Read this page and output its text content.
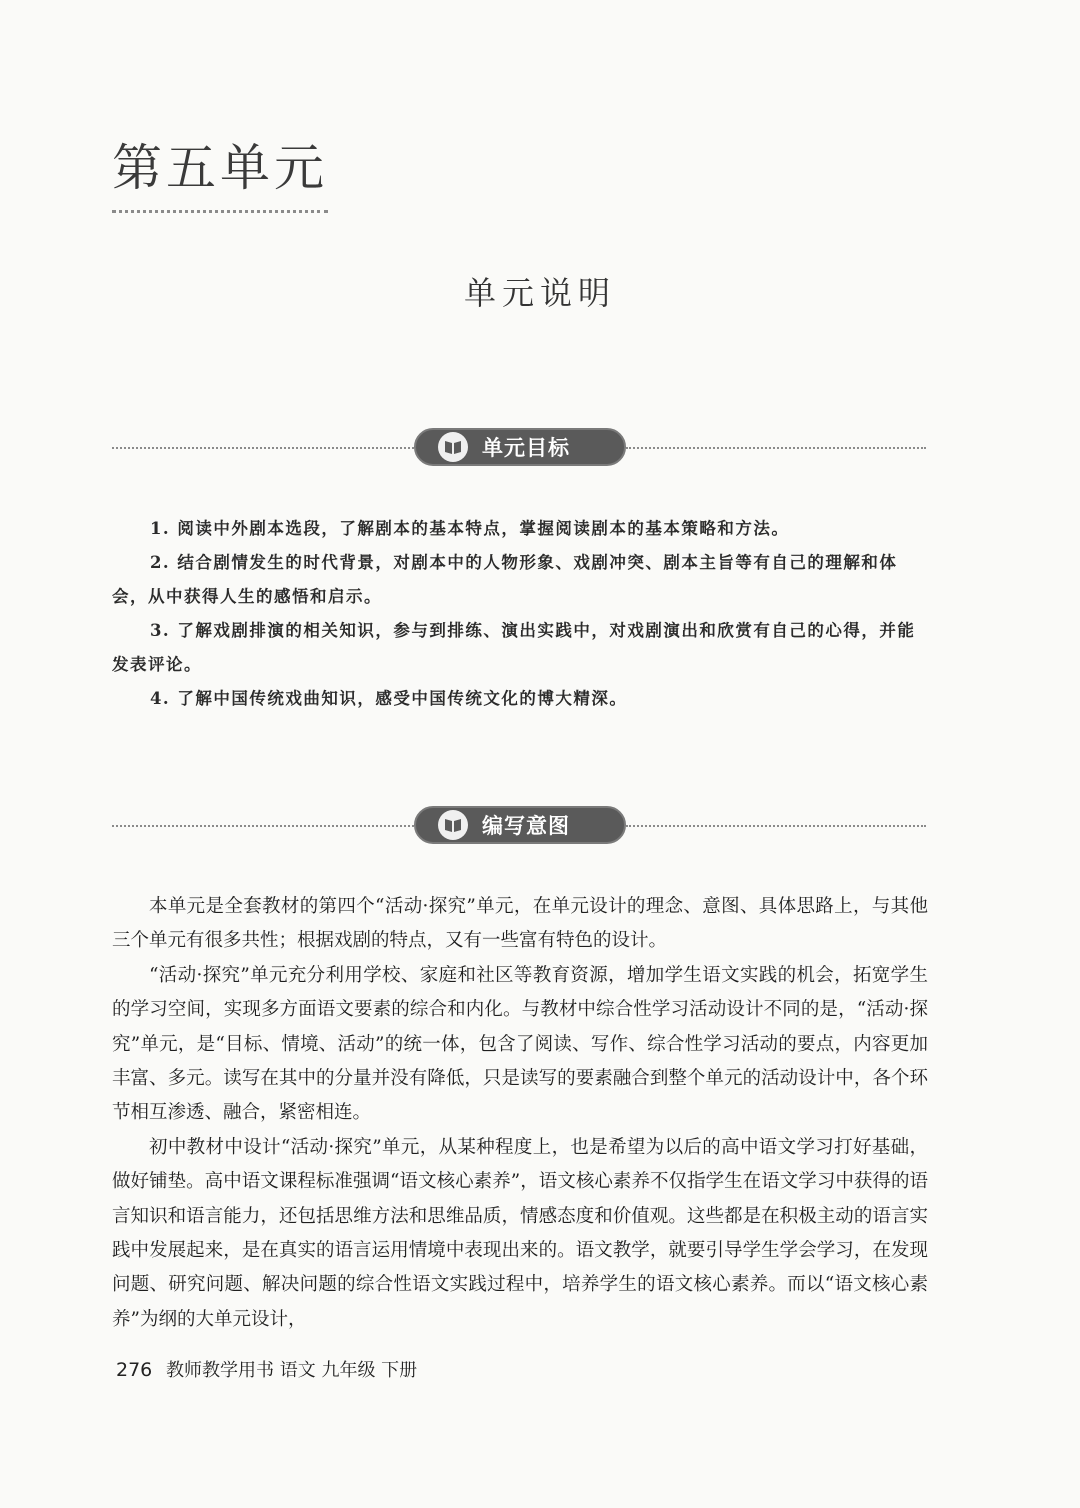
第五单元
单元说明
单元目标

1. 阅读中外剧本选段，了解剧本的基本特点，掌握阅读剧本的基本策略和方法。

2. 结合剧情发生的时代背景，对剧本中的人物形象、戏剧冲突、剧本主旨等有自己的理解和体会，从中获得人生的感悟和启示。

3. 了解戏剧排演的相关知识，参与到排练、演出实践中，对戏剧演出和欣赏有自己的心得，并能发表评论。

4. 了解中国传统戏曲知识，感受中国传统文化的博大精深。

编写意图

本单元是全套教材的第四个“活动·探究”单元，在单元设计的理念、意图、具体思路上，与其他三个单元有很多共性；根据戏剧的特点，又有一些富有特色的设计。

“活动·探究”单元充分利用学校、家庭和社区等教育资源，增加学生语文实践的机会，拓宽学生的学习空间，实现多方面语文要素的综合和内化。与教材中综合性学习活动设计不同的是，“活动·探究”单元，是“目标、情境、活动”的统一体，包含了阅读、写作、综合性学习活动的要点，内容更加丰富、多元。读写在其中的分量并没有降低，只是读写的要素融合到整个单元的活动设计中，各个环节相互渗透、融合，紧密相连。

初中教材中设计“活动·探究”单元，从某种程度上，也是希望为以后的高中语文学习打好基础，做好铺垫。高中语文课程标准强调“语文核心素养”，语文核心素养不仅指学生在语文学习中获得的语言知识和语言能力，还包括思维方法和思维品质，情感态度和价值观。这些都是在积极主动的语言实践中发展起来，是在真实的语言运用情境中表现出来的。语文教学，就要引导学生学会学习，在发现问题、研究问题、解决问题的综合性语文实践过程中，培养学生的语文核心素养。而以“语文核心素养”为纲的大单元设计，

276 教师教学用书 语文 九年级 下册
